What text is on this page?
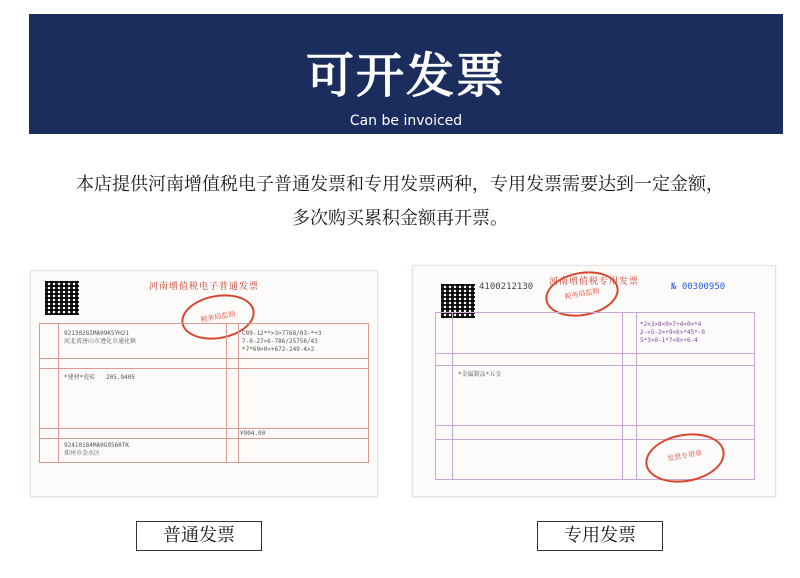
可开发票
Can be invoiced
本店提供河南增值税电子普通发票和专用发票两种，专用发票需要达到一定金额，
多次购买累积金额再开票。
河南增值税电子普通发票
税务局监制
9213028IMA09K5YH21
河北省唐山市遵化市通化镇
C09-12**>3>7768/03-*+3
7-0-27>6-786/25756/43
*7*69>0<+672-249-4>2
*建材*瓷砖   205.9405
¥904.00
92410184MA0G9560TK
郑州市金水区
4100212130	河南增值税专用发票	№ 00300950
税务局监制
*2<3>8<0>7+4<0>*4
2->5-2>+9<6>*45*-0
5*3>0-1*7<8>+6-4
*金属制品*五金
发票专用章
普通发票	专用发票
